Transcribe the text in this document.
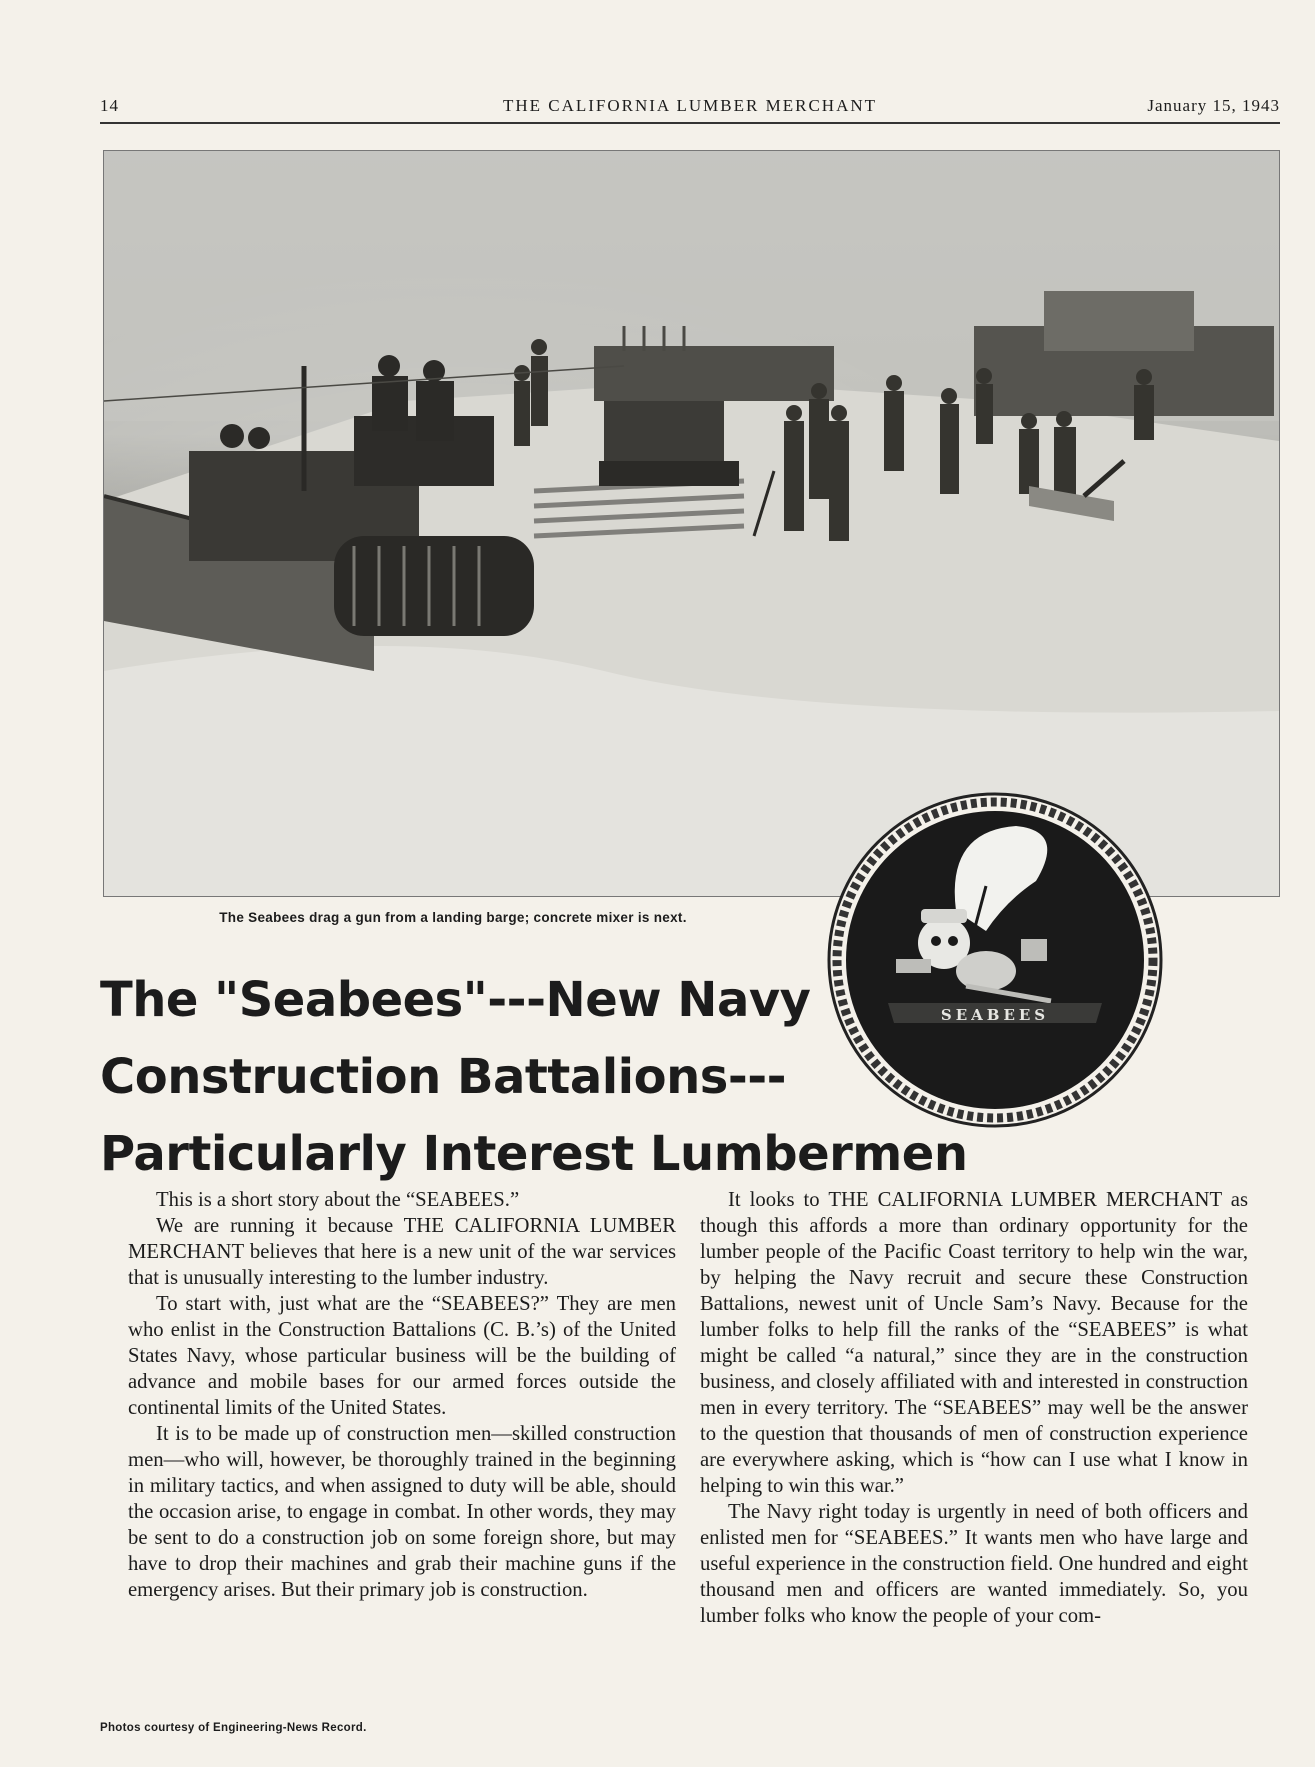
14	THE CALIFORNIA LUMBER MERCHANT	January 15, 1943
The Seabees drag a gun from a landing barge; concrete mixer is next.
SEABEES
The "Seabees"---New Navy
Construction Battalions---
Particularly Interest Lumbermen

This is a short story about the “SEABEES.”

We are running it because THE CALIFORNIA LUMBER MERCHANT believes that here is a new unit of the war services that is unusually interesting to the lumber industry.

To start with, just what are the “SEABEES?” They are men who enlist in the Construction Battalions (C. B.’s) of the United States Navy, whose particular business will be the building of advance and mobile bases for our armed forces outside the continental limits of the United States.

It is to be made up of construction men—skilled construction men—who will, however, be thoroughly trained in the beginning in military tactics, and when assigned to duty will be able, should the occasion arise, to engage in combat. In other words, they may be sent to do a construction job on some foreign shore, but may have to drop their machines and grab their machine guns if the emergency arises. But their primary job is construction.

It looks to THE CALIFORNIA LUMBER MERCHANT as though this affords a more than ordinary opportunity for the lumber people of the Pacific Coast territory to help win the war, by helping the Navy recruit and secure these Construction Battalions, newest unit of Uncle Sam’s Navy. Because for the lumber folks to help fill the ranks of the “SEABEES” is what might be called “a natural,” since they are in the construction business, and closely affiliated with and interested in construction men in every territory. The “SEABEES” may well be the answer to the question that thousands of men of construction experience are everywhere asking, which is “how can I use what I know in helping to win this war.”

The Navy right today is urgently in need of both officers and enlisted men for “SEABEES.” It wants men who have large and useful experience in the construction field. One hundred and eight thousand men and officers are wanted immediately. So, you lumber folks who know the people of your com-

Photos courtesy of Engineering-News Record.
